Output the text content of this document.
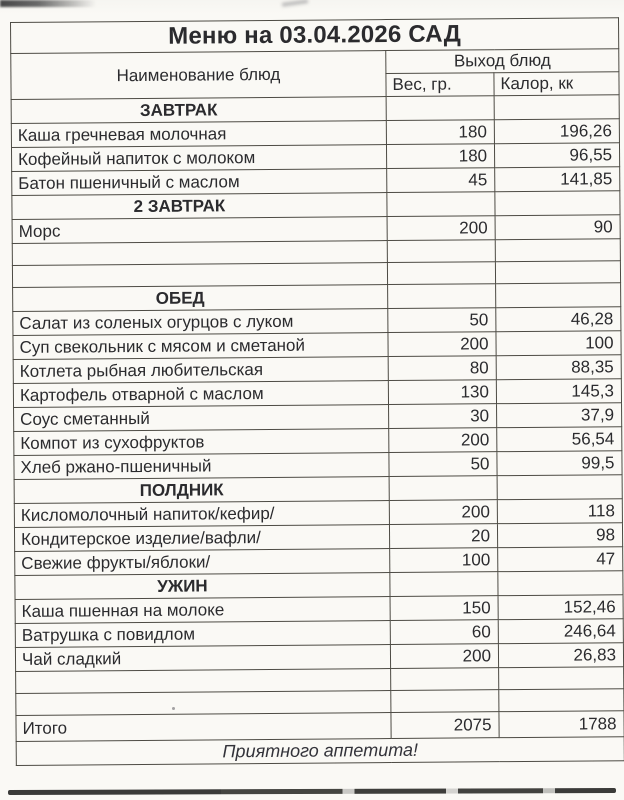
Меню на 03.04.2026 САД		
Наименование блюд	Выход блюд	
	Вес, гр.	Калор, кк
ЗАВТРАК		
Каша гречневая молочная	180	196,26
Кофейный напиток с молоком	180	96,55
Батон пшеничный с маслом	45	141,85
2 ЗАВТРАК		
Морс	200	90

ОБЕД		
Салат из соленых огурцов с луком	50	46,28
Суп свекольник с мясом и сметаной	200	100
Котлета рыбная любительская	80	88,35
Картофель отварной с маслом	130	145,3
Соус сметанный	30	37,9
Компот из сухофруктов	200	56,54
Хлеб ржано-пшеничный	50	99,5
ПОЛДНИК		
Кисломолочный напиток/кефир/	200	118
Кондитерское изделие/вафли/	20	98
Свежие фрукты/яблоки/	100	47
УЖИН		
Каша пшенная на молоке	150	152,46
Ватрушка с повидлом	60	246,64
Чай сладкий	200	26,83

Итого	2075	1788
Приятного аппетита!		
